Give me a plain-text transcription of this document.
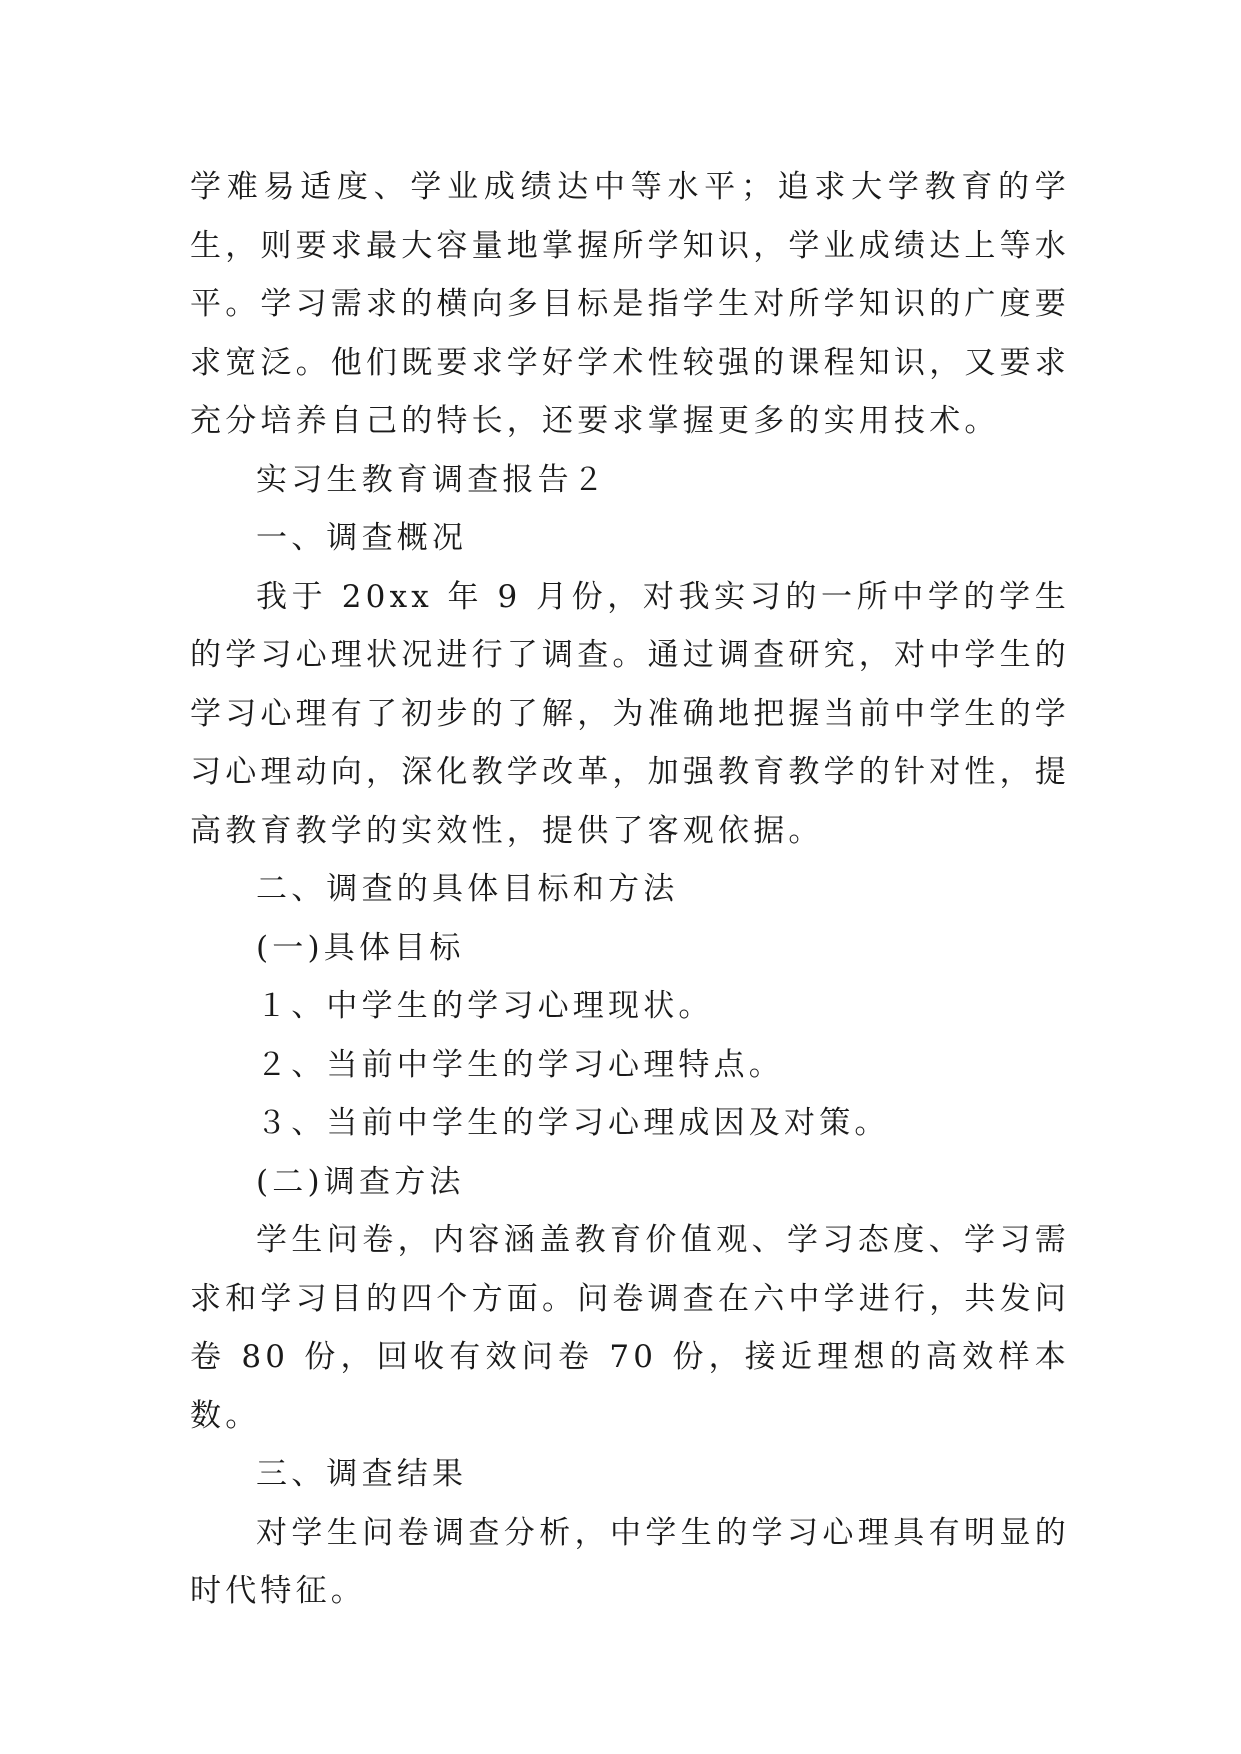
学难易适度、学业成绩达中等水平；追求大学教育的学生，则要求最大容量地掌握所学知识，学业成绩达上等水平。学习需求的横向多目标是指学生对所学知识的广度要求宽泛。他们既要求学好学术性较强的课程知识，又要求充分培养自己的特长，还要求掌握更多的实用技术。

实习生教育调查报告２

一、调查概况

我于 20xx 年 9 月份，对我实习的一所中学的学生的学习心理状况进行了调查。通过调查研究，对中学生的学习心理有了初步的了解，为准确地把握当前中学生的学习心理动向，深化教学改革，加强教育教学的针对性，提高教育教学的实效性，提供了客观依据。

二、调查的具体目标和方法

(一)具体目标

１、中学生的学习心理现状。

２、当前中学生的学习心理特点。

３、当前中学生的学习心理成因及对策。

(二)调查方法

学生问卷，内容涵盖教育价值观、学习态度、学习需求和学习目的四个方面。问卷调查在六中学进行，共发问卷 80 份，回收有效问卷 70 份，接近理想的高效样本数。

三、调查结果

对学生问卷调查分析，中学生的学习心理具有明显的时代特征。
